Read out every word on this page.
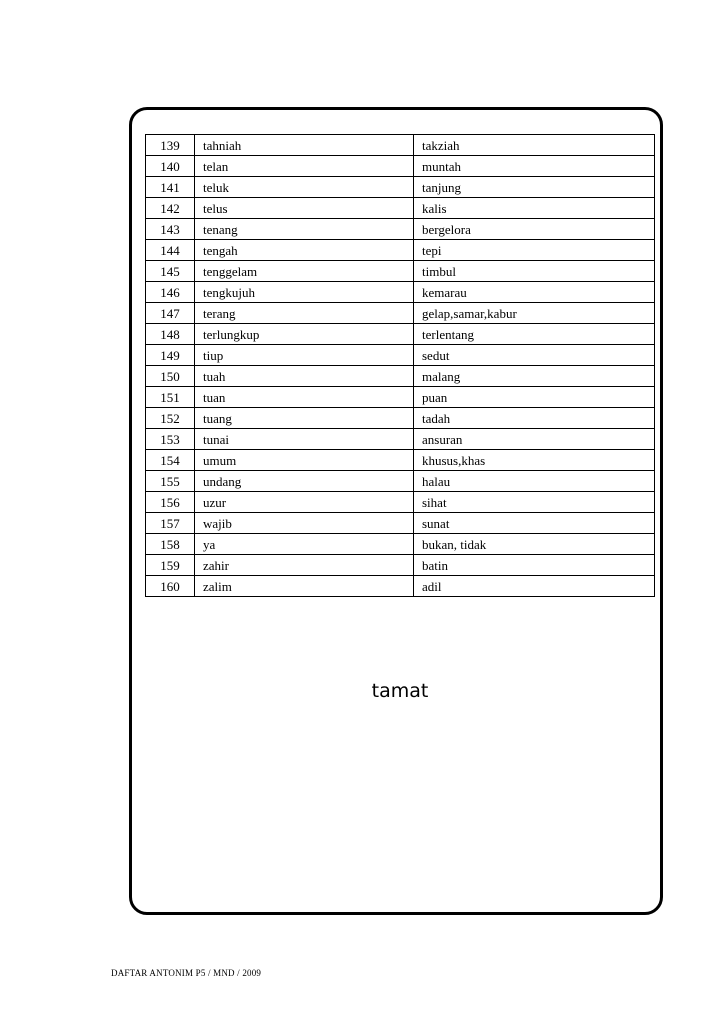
139	tahniah	takziah
140	telan	muntah
141	teluk	tanjung
142	telus	kalis
143	tenang	bergelora
144	tengah	tepi
145	tenggelam	timbul
146	tengkujuh	kemarau
147	terang	gelap,samar,kabur
148	terlungkup	terlentang
149	tiup	sedut
150	tuah	malang
151	tuan	puan
152	tuang	tadah
153	tunai	ansuran
154	umum	khusus,khas
155	undang	halau
156	uzur	sihat
157	wajib	sunat
158	ya	bukan, tidak
159	zahir	batin
160	zalim	adil
tamat
DAFTAR ANTONIM P5 / MND / 2009
